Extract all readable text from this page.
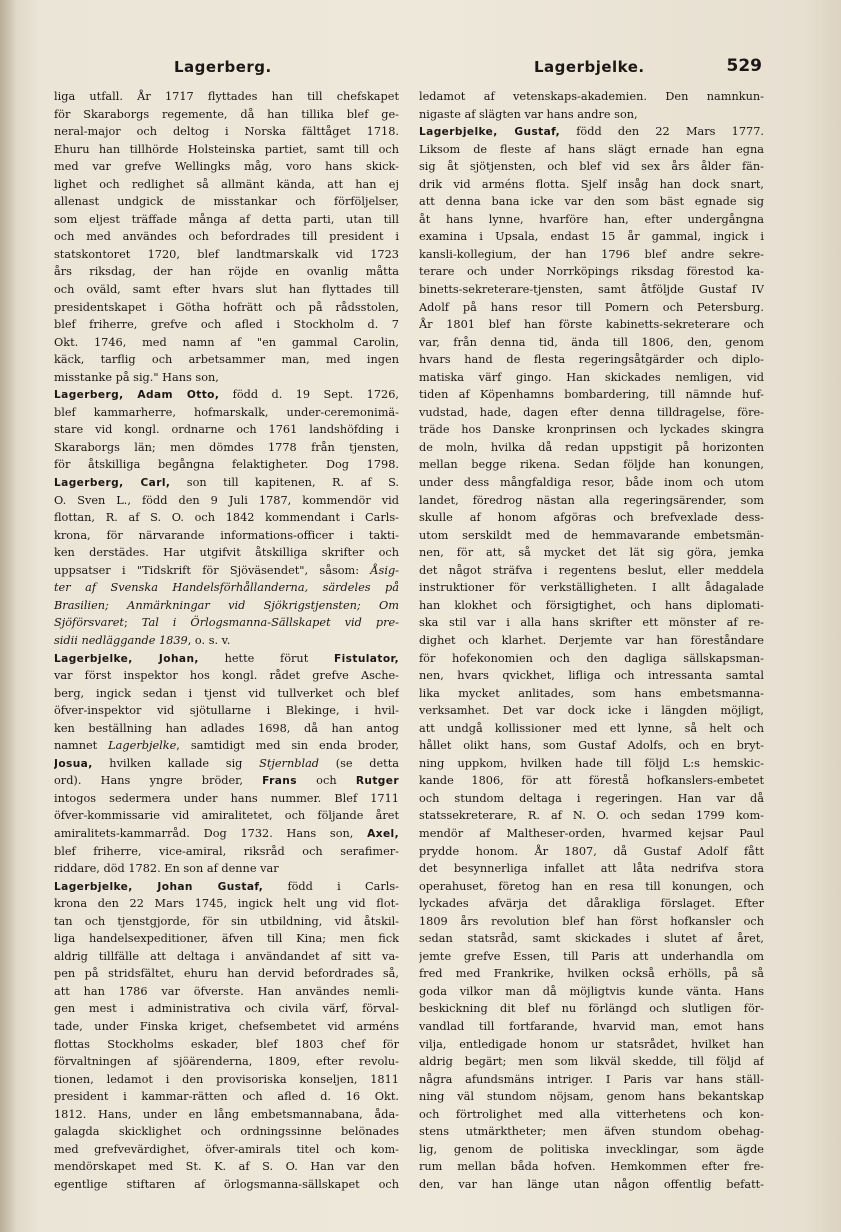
Lagerberg.	Lagerbjelke.	529
liga utfall. År 1717 flyttades han till chefskapet
för Skaraborgs regemente, då han tillika blef ge-
neral-major och deltog i Norska fälttåget 1718.
Ehuru han tillhörde Holsteinska partiet, samt till och
med var grefve Wellingks måg, voro hans skick-
lighet och redlighet så allmänt kända, att han ej
allenast undgick de misstankar och förföljelser,
som eljest träffade många af detta parti, utan till
och med användes och befordrades till president i
statskontoret 1720, blef landtmarskalk vid 1723
års riksdag, der han röjde en ovanlig måtta
och oväld, samt efter hvars slut han flyttades till
presidentskapet i Götha hofrätt och på rådsstolen,
blef friherre, grefve och afled i Stockholm d. 7
Okt. 1746, med namn af "en gammal Carolin,
käck, tarflig och arbetsammer man, med ingen
misstanke på sig." Hans son,
Lagerberg, Adam Otto, född d. 19 Sept. 1726,
blef kammarherre, hofmarskalk, under-ceremonimä-
stare vid kongl. ordnarne och 1761 landshöfding i
Skaraborgs län; men dömdes 1778 från tjensten,
för åtskilliga begångna felaktigheter. Dog 1798.
Lagerberg, Carl, son till kapitenen, R. af S.
O. Sven L., född den 9 Juli 1787, kommendör vid
flottan, R. af S. O. och 1842 kommendant i Carls-
krona, för närvarande informations-officer i takti-
ken derstädes. Har utgifvit åtskilliga skrifter och
uppsatser i "Tidskrift för Sjöväsendet", såsom: Åsig-
ter af Svenska Handelsförhållanderna, särdeles på
Brasilien; Anmärkningar vid Sjökrigstjensten; Om
Sjöförsvaret; Tal i Örlogsmanna-Sällskapet vid pre-
sidii nedläggande 1839, o. s. v.
Lagerbjelke, Johan, hette förut Fistulator,
var först inspektor hos kongl. rådet grefve Asche-
berg, ingick sedan i tjenst vid tullverket och blef
öfver-inspektor vid sjötullarne i Blekinge, i hvil-
ken beställning han adlades 1698, då han antog
namnet Lagerbjelke, samtidigt med sin enda broder,
Josua, hvilken kallade sig Stjernblad (se detta
ord). Hans yngre bröder, Frans och Rutger
intogos sedermera under hans nummer. Blef 1711
öfver-kommissarie vid amiralitetet, och följande året
amiralitets-kammarråd. Dog 1732. Hans son, Axel,
blef friherre, vice-amiral, riksråd och serafimer-
riddare, död 1782. En son af denne var
Lagerbjelke, Johan Gustaf, född i Carls-
krona den 22 Mars 1745, ingick helt ung vid flot-
tan och tjenstgjorde, för sin utbildning, vid åtskil-
liga handelsexpeditioner, äfven till Kina; men fick
aldrig tillfälle att deltaga i användandet af sitt va-
pen på stridsfältet, ehuru han dervid befordrades så,
att han 1786 var öfverste. Han användes nemli-
gen mest i administrativa och civila värf, förval-
tade, under Finska kriget, chefsembetet vid arméns
flottas Stockholms eskader, blef 1803 chef för
förvaltningen af sjöärenderna, 1809, efter revolu-
tionen, ledamot i den provisoriska konseljen, 1811
president i kammar-rätten och afled d. 16 Okt.
1812. Hans, under en lång embetsmannabana, åda-
galagda skicklighet och ordningssinne belönades
med grefvevärdighet, öfver-amirals titel och kom-
mendörskapet med St. K. af S. O. Han var den
egentlige stiftaren af örlogsmanna-sällskapet och
ledamot af vetenskaps-akademien. Den namnkun-
nigaste af slägten var hans andre son,
Lagerbjelke, Gustaf, född den 22 Mars 1777.
Liksom de fleste af hans slägt ernade han egna
sig åt sjötjensten, och blef vid sex års ålder fän-
drik vid arméns flotta. Sjelf insåg han dock snart,
att denna bana icke var den som bäst egnade sig
åt hans lynne, hvarföre han, efter undergångna
examina i Upsala, endast 15 år gammal, ingick i
kansli-kollegium, der han 1796 blef andre sekre-
terare och under Norrköpings riksdag förestod ka-
binetts-sekreterare-tjensten, samt åtföljde Gustaf IV
Adolf på hans resor till Pomern och Petersburg.
År 1801 blef han förste kabinetts-sekreterare och
var, från denna tid, ända till 1806, den, genom
hvars hand de flesta regeringsåtgärder och diplo-
matiska värf gingo. Han skickades nemligen, vid
tiden af Köpenhamns bombardering, till nämnde huf-
vudstad, hade, dagen efter denna tilldragelse, före-
träde hos Danske kronprinsen och lyckades skingra
de moln, hvilka då redan uppstigit på horizonten
mellan begge rikena. Sedan följde han konungen,
under dess mångfaldiga resor, både inom och utom
landet, föredrog nästan alla regeringsärender, som
skulle af honom afgöras och brefvexlade dess-
utom serskildt med de hemmavarande embetsmän-
nen, för att, så mycket det lät sig göra, jemka
det något sträfva i regentens beslut, eller meddela
instruktioner för verkställigheten. I allt ådagalade
han klokhet och försigtighet, och hans diplomati-
ska stil var i alla hans skrifter ett mönster af re-
dighet och klarhet. Derjemte var han föreståndare
för hofekonomien och den dagliga sällskapsman-
nen, hvars qvickhet, lifliga och intressanta samtal
lika mycket anlitades, som hans embetsmanna-
verksamhet. Det var dock icke i längden möjligt,
att undgå kollissioner med ett lynne, så helt och
hållet olikt hans, som Gustaf Adolfs, och en bryt-
ning uppkom, hvilken hade till följd L:s hemskic-
kande 1806, för att förestå hofkanslers-embetet
och stundom deltaga i regeringen. Han var då
statssekreterare, R. af N. O. och sedan 1799 kom-
mendör af Maltheser-orden, hvarmed kejsar Paul
prydde honom. År 1807, då Gustaf Adolf fått
det besynnerliga infallet att låta nedrifva stora
operahuset, företog han en resa till konungen, och
lyckades afvärja det dårakliga förslaget. Efter
1809 års revolution blef han först hofkansler och
sedan statsråd, samt skickades i slutet af året,
jemte grefve Essen, till Paris att underhandla om
fred med Frankrike, hvilken också erhölls, på så
goda vilkor man då möjligtvis kunde vänta. Hans
beskickning dit blef nu förlängd och slutligen för-
vandlad till fortfarande, hvarvid man, emot hans
vilja, entledigade honom ur statsrådet, hvilket han
aldrig begärt; men som likväl skedde, till följd af
några afundsmäns intriger. I Paris var hans ställ-
ning väl stundom nöjsam, genom hans bekantskap
och förtrolighet med alla vitterhetens och kon-
stens utmärktheter; men äfven stundom obehag-
lig, genom de politiska invecklingar, som ägde
rum mellan båda hofven. Hemkommen efter fre-
den, var han länge utan någon offentlig befatt-
